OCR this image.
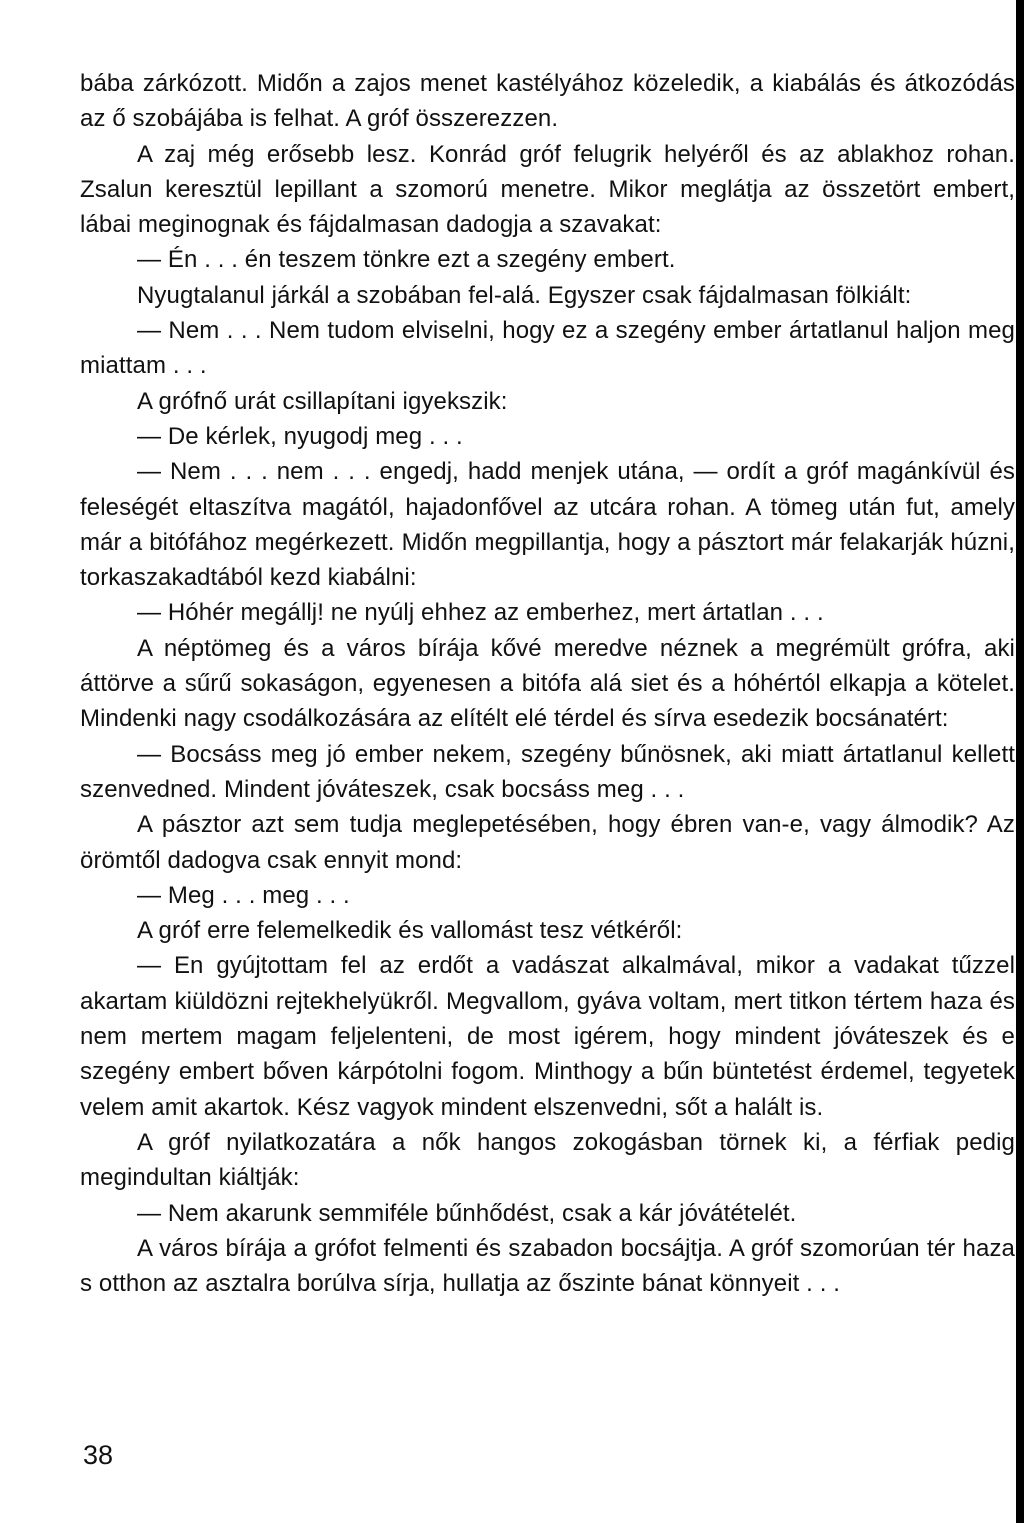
bába zárkózott. Midőn a zajos menet kastélyához közeledik, a kiabálás és átkozódás az ő szobájába is felhat. A gróf összerezzen.

A zaj még erősebb lesz. Konrád gróf felugrik helyéről és az ablakhoz rohan. Zsalun keresztül lepillant a szomorú menetre. Mikor meglátja az összetört embert, lábai meginognak és fájdalmasan dadogja a szavakat:

— Én . . . én teszem tönkre ezt a szegény embert.

Nyugtalanul járkál a szobában fel-alá. Egyszer csak fájdalmasan fölkiált:

— Nem . . . Nem tudom elviselni, hogy ez a szegény ember ártatlanul haljon meg miattam . . .

A grófnő urát csillapítani igyekszik:

— De kérlek, nyugodj meg . . .

— Nem . . . nem . . . engedj, hadd menjek utána, — ordít a gróf magánkívül és feleségét eltaszítva magától, hajadonfővel az utcára rohan. A tömeg után fut, amely már a bitófához megérkezett. Midőn megpillantja, hogy a pásztort már felakarják húzni, torkaszakadtából kezd kiabálni:

— Hóhér megállj! ne nyúlj ehhez az emberhez, mert ártatlan . . .

A néptömeg és a város bírája kővé meredve néznek a megrémült grófra, aki áttörve a sűrű sokaságon, egyenesen a bitófa alá siet és a hóhértól elkapja a kötelet. Mindenki nagy csodálkozására az elítélt elé térdel és sírva esedezik bocsánatért:

— Bocsáss meg jó ember nekem, szegény bűnösnek, aki miatt ártatlanul kellett szenvedned. Mindent jóváteszek, csak bocsáss meg . . .

A pásztor azt sem tudja meglepetésében, hogy ébren van-e, vagy álmodik? Az örömtől dadogva csak ennyit mond:

— Meg . . . meg . . .

A gróf erre felemelkedik és vallomást tesz vétkéről:

— En gyújtottam fel az erdőt a vadászat alkalmával, mikor a vadakat tűzzel akartam kiüldözni rejtekhelyükről. Megvallom, gyáva voltam, mert titkon tértem haza és nem mertem magam feljelenteni, de most igérem, hogy mindent jóváteszek és e szegény embert bőven kárpótolni fogom. Minthogy a bűn büntetést érdemel, tegyetek velem amit akartok. Kész vagyok mindent elszenvedni, sőt a halált is.

A gróf nyilatkozatára a nők hangos zokogásban törnek ki, a férfiak pedig megindultan kiáltják:

— Nem akarunk semmiféle bűnhődést, csak a kár jóvátételét.

A város bírája a grófot felmenti és szabadon bocsájtja. A gróf szomorúan tér haza s otthon az asztalra borúlva sírja, hullatja az őszinte bánat könnyeit . . .

38
